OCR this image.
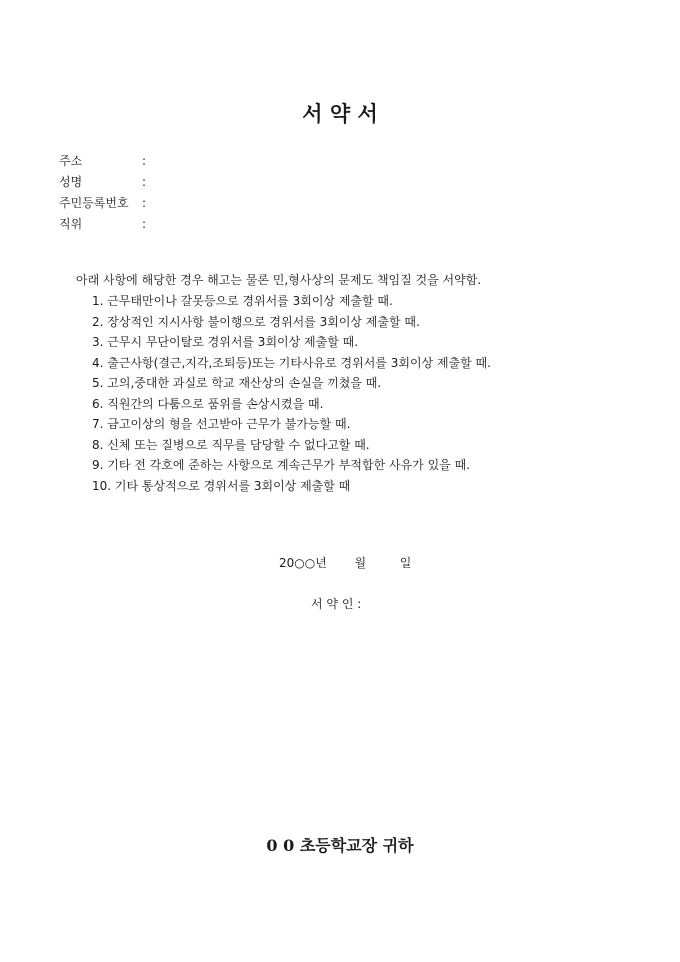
서 약 서
주소	:
성명	:
주민등록번호 :
직위	:
아래 사항에 해당한 경우 해고는 물론 민,형사상의 문제도 책임질 것을 서약함.
1. 근무태만이나 갈못등으로 경위서를 3회이상 제출할 때.
2. 장상적인 지시사항 불이행으로 경위서를 3회이상 제출할 때.
3. 근무시 무단이탈로 경위서를 3회이상 제출할 때.
4. 출근사항(결근,지각,조퇴등)또는 기타사유로 경위서를 3회이상 제출할 때.
5. 고의,중대한 과실로 학교 재산상의 손실을 끼쳤을 때.
6. 직원간의 다툼으로 품위를 손상시켰을 때.
7. 금고이상의 형을 선고받아 근무가 불가능할 때.
8. 신체 또는 질병으로 직무를 담당할 수 없다고할 때.
9. 기타 전 각호에 준하는 사항으로 계속근무가 부적합한 사유가 있을 때.
10. 기타 통상적으로 경위서를 3회이상 제출할 때
20○○년 월	일
서 약 인 :
0 0 초등학교장 귀하
